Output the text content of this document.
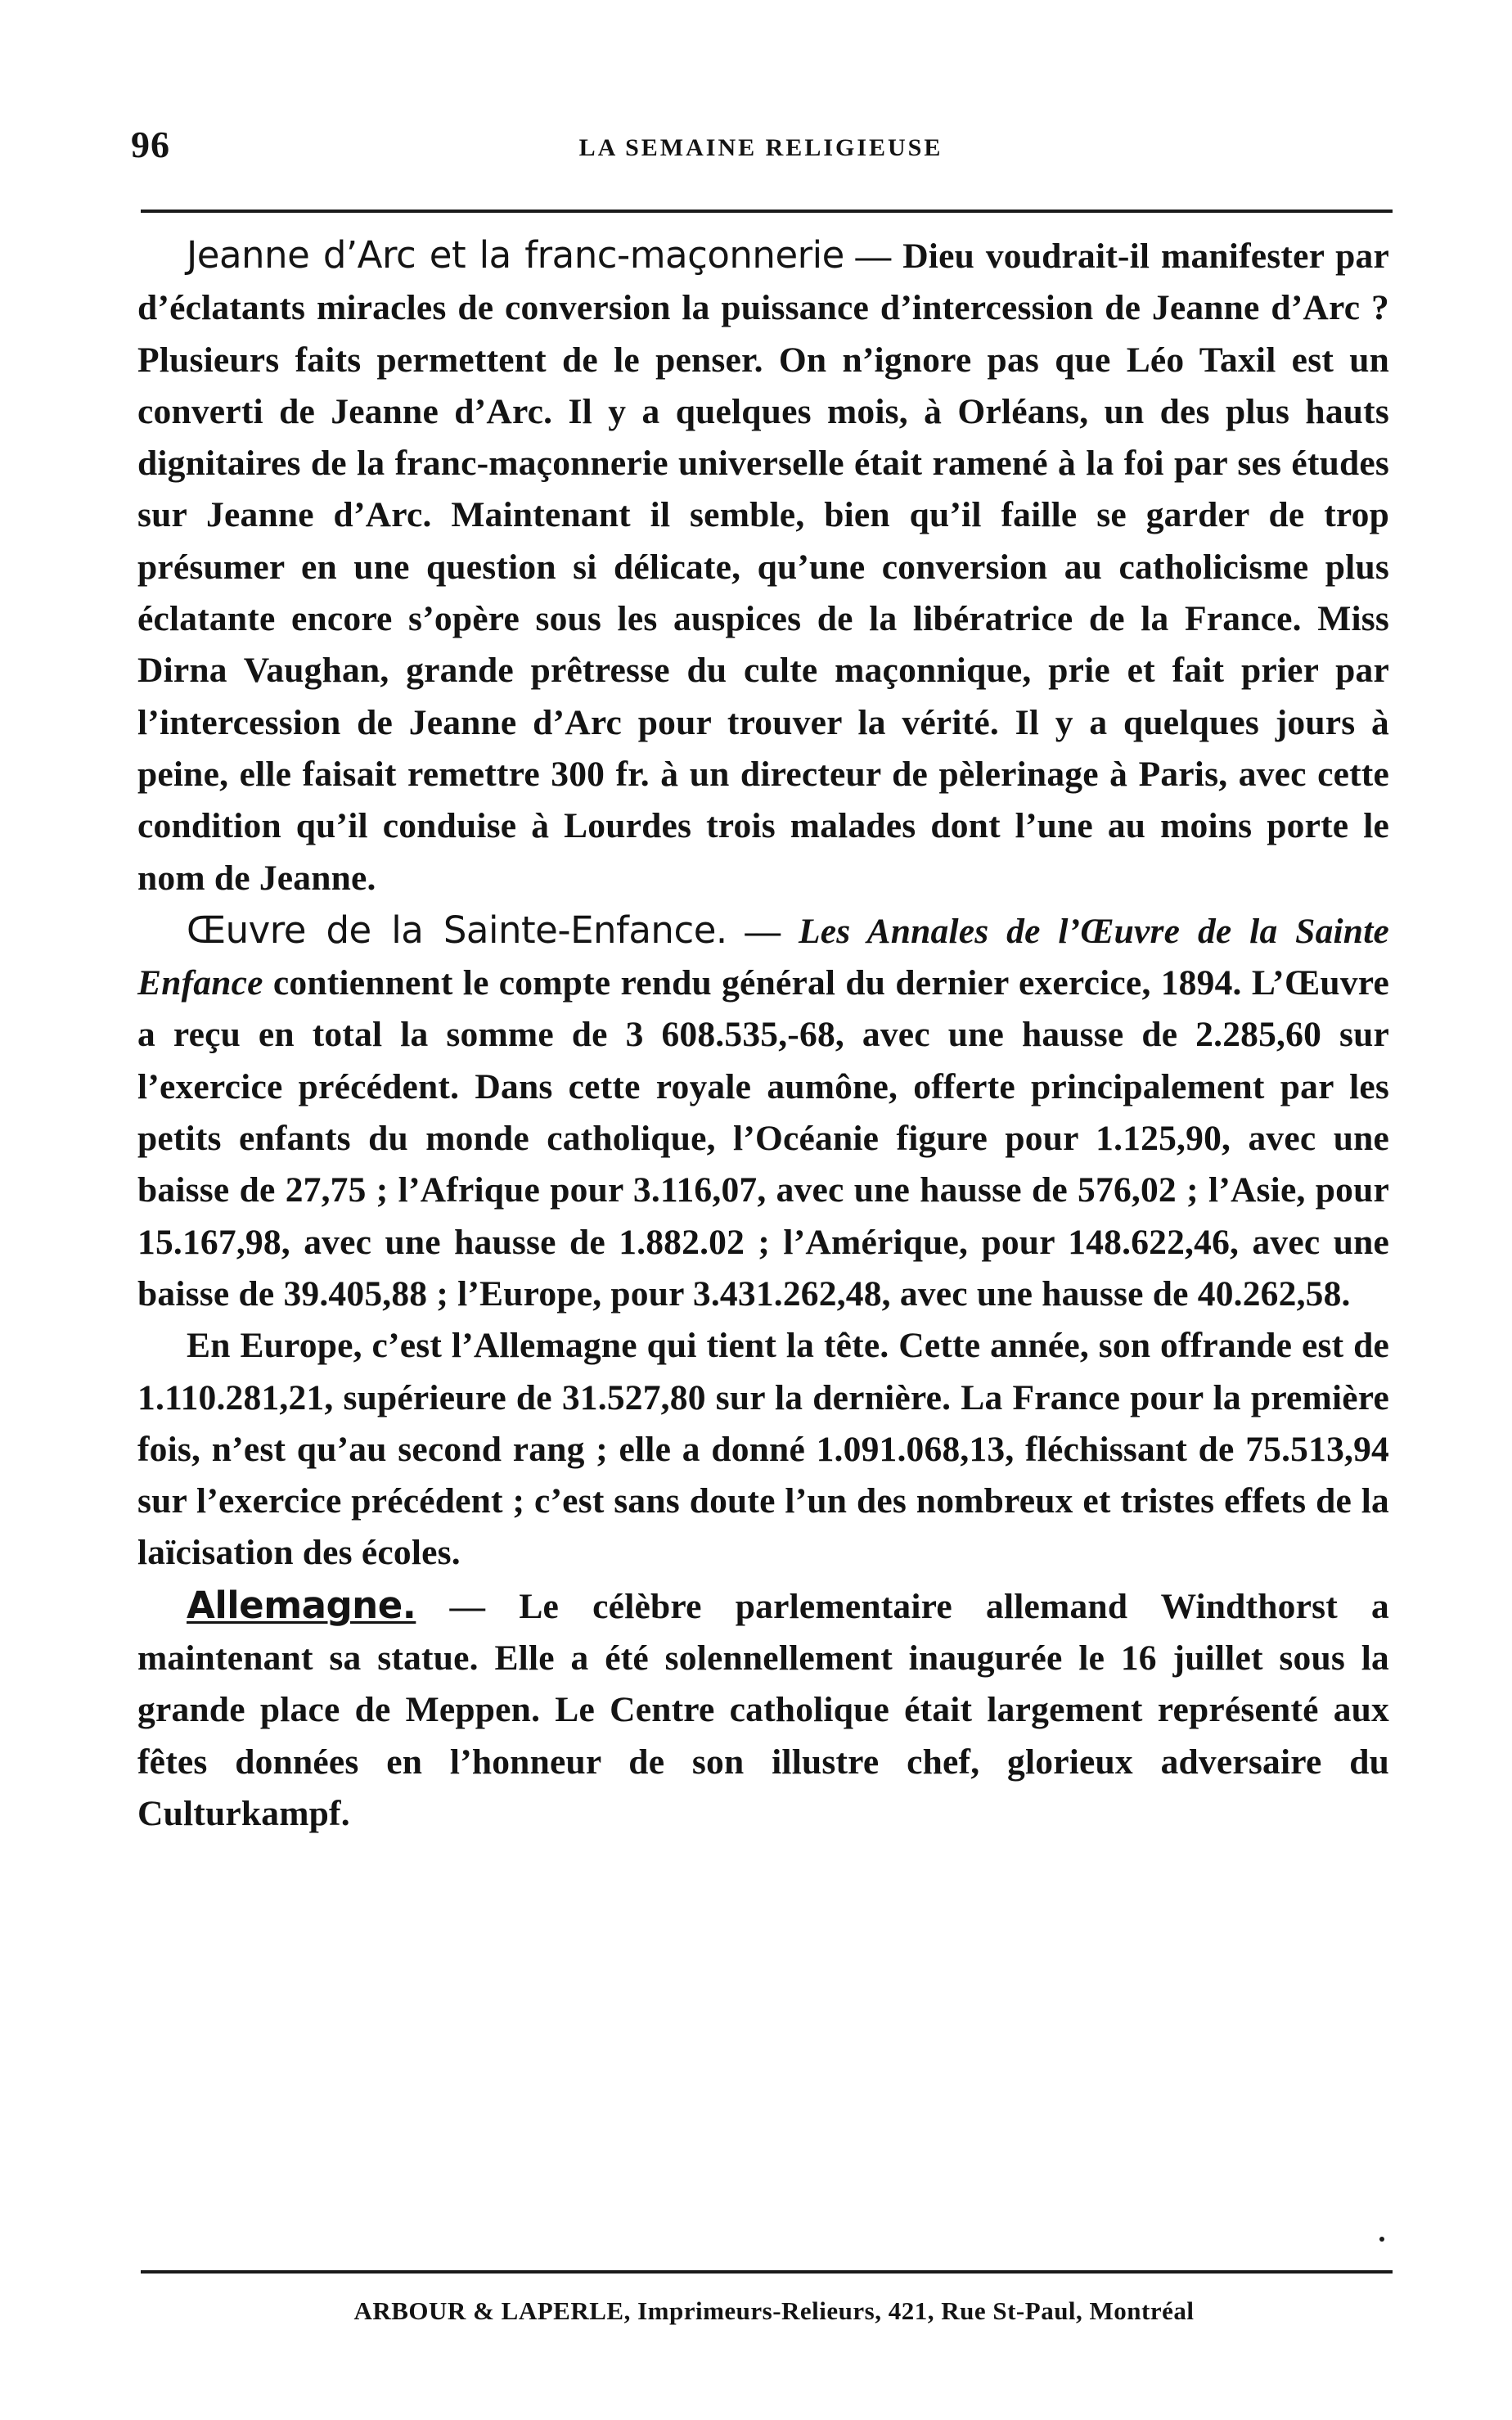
96	LA SEMAINE RELIGIEUSE

Jeanne d’Arc et la franc-maçonnerie — Dieu voudrait-il manifester par d’éclatants miracles de conversion la puissance d’intercession de Jeanne d’Arc ? Plusieurs faits permettent de le penser. On n’ignore pas que Léo Taxil est un converti de Jeanne d’Arc. Il y a quelques mois, à Orléans, un des plus hauts dignitaires de la franc-maçonnerie universelle était ramené à la foi par ses études sur Jeanne d’Arc. Maintenant il semble, bien qu’il faille se garder de trop présumer en une question si délicate, qu’une conversion au catholicisme plus éclatante encore s’opère sous les auspices de la libératrice de la France. Miss Dirna Vaughan, grande prêtresse du culte maçonnique, prie et fait prier par l’intercession de Jeanne d’Arc pour trouver la vérité. Il y a quelques jours à peine, elle faisait remettre 300 fr. à un directeur de pèlerinage à Paris, avec cette condition qu’il conduise à Lourdes trois malades dont l’une au moins porte le nom de Jeanne.

Œuvre de la Sainte-Enfance. — Les Annales de l’Œuvre de la Sainte Enfance contiennent le compte rendu général du dernier exercice, 1894. L’Œuvre a reçu en total la somme de 3 608.535,-68, avec une hausse de 2.285,60 sur l’exercice précédent. Dans cette royale aumône, offerte principalement par les petits enfants du monde catholique, l’Océanie figure pour 1.125,90, avec une baisse de 27,75 ; l’Afrique pour 3.116,07, avec une hausse de 576,02 ; l’Asie, pour 15.167,98, avec une hausse de 1.882.02 ; l’Amérique, pour 148.622,46, avec une baisse de 39.405,88 ; l’Europe, pour 3.431.262,48, avec une hausse de 40.262,58.

En Europe, c’est l’Allemagne qui tient la tête. Cette année, son offrande est de 1.110.281,21, supérieure de 31.527,80 sur la dernière. La France pour la première fois, n’est qu’au second rang ; elle a donné 1.091.068,13, fléchissant de 75.513,94 sur l’exercice précédent ; c’est sans doute l’un des nombreux et tristes effets de la laïcisation des écoles.

Allemagne. — Le célèbre parlementaire allemand Windthorst a maintenant sa statue. Elle a été solennellement inaugurée le 16 juillet sous la grande place de Meppen. Le Centre catholique était largement représenté aux fêtes données en l’honneur de son illustre chef, glorieux adversaire du Culturkampf.

ARBOUR & LAPERLE, Imprimeurs-Relieurs, 421, Rue St-Paul, Montréal
